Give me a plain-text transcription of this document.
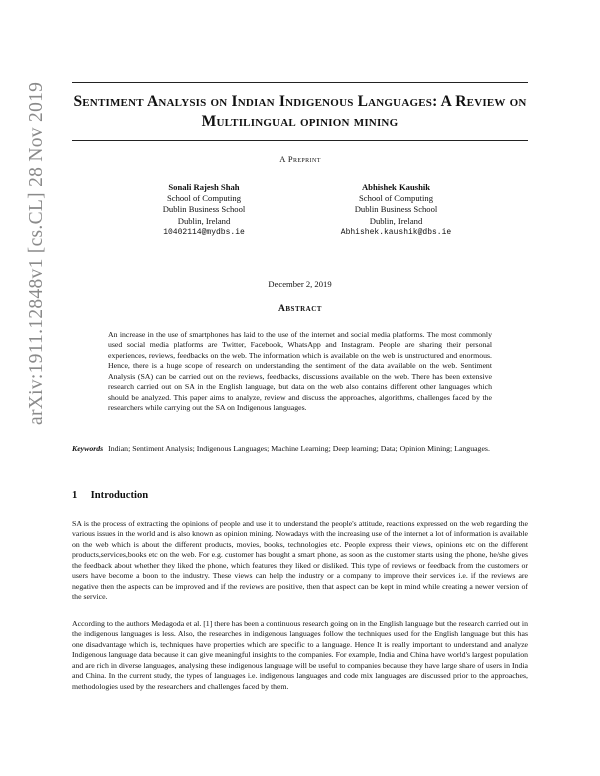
arXiv:1911.12848v1 [cs.CL] 28 Nov 2019 Sentiment Analysis on Indian Indigenous Languages: A Review on Multilingual opinion mining
A Preprint
Sonali Rajesh Shah
School of Computing
Dublin Business School
Dublin, Ireland
10402114@mydbs.ie
Abhishek Kaushik
School of Computing
Dublin Business School
Dublin, Ireland
Abhishek.kaushik@dbs.ie
December 2, 2019
Abstract
An increase in the use of smartphones has laid to the use of the internet and social media platforms. The most commonly used social media platforms are Twitter, Facebook, WhatsApp and Instagram. People are sharing their personal experiences, reviews, feedbacks on the web. The information which is available on the web is unstructured and enormous. Hence, there is a huge scope of research on understanding the sentiment of the data available on the web. Sentiment Analysis (SA) can be carried out on the reviews, feedbacks, discussions available on the web. There has been extensive research carried out on SA in the English language, but data on the web also contains different other languages which should be analyzed. This paper aims to analyze, review and discuss the approaches, algorithms, challenges faced by the researchers while carrying out the SA on Indigenous languages.
Keywords Indian; Sentiment Analysis; Indigenous Languages; Machine Learning; Deep learning; Data; Opinion Mining; Languages.
1 Introduction
SA is the process of extracting the opinions of people and use it to understand the people's attitude, reactions expressed on the web regarding the various issues in the world and is also known as opinion mining. Nowadays with the increasing use of the internet a lot of information is available on the web which is about the different products, movies, books, technologies etc. People express their views, opinions etc on the different products,services,books etc on the web. For e.g. customer has bought a smart phone, as soon as the customer starts using the phone, he/she gives the feedback about whether they liked the phone, which features they liked or disliked. This type of reviews or feedback from the customers or users have become a boon to the industry. These views can help the industry or a company to improve their services i.e. if the reviews are negative then the aspects can be improved and if the reviews are positive, then that aspect can be kept in mind while creating a newer version of the service.
According to the authors Medagoda et al. [1] there has been a continuous research going on in the English language but the research carried out in the indigenous languages is less. Also, the researches in indigenous languages follow the techniques used for the English language but this has one disadvantage which is, techniques have properties which are specific to a language. Hence It is really important to understand and analyze Indigenous language data because it can give meaningful insights to the companies. For example, India and China have world's largest population and are rich in diverse languages, analysing these indigenous language will be useful to companies because they have large share of users in India and China. In the current study, the types of languages i.e. indigenous languages and code mix languages are discussed prior to the approaches, methodologies used by the researchers and challenges faced by them.
